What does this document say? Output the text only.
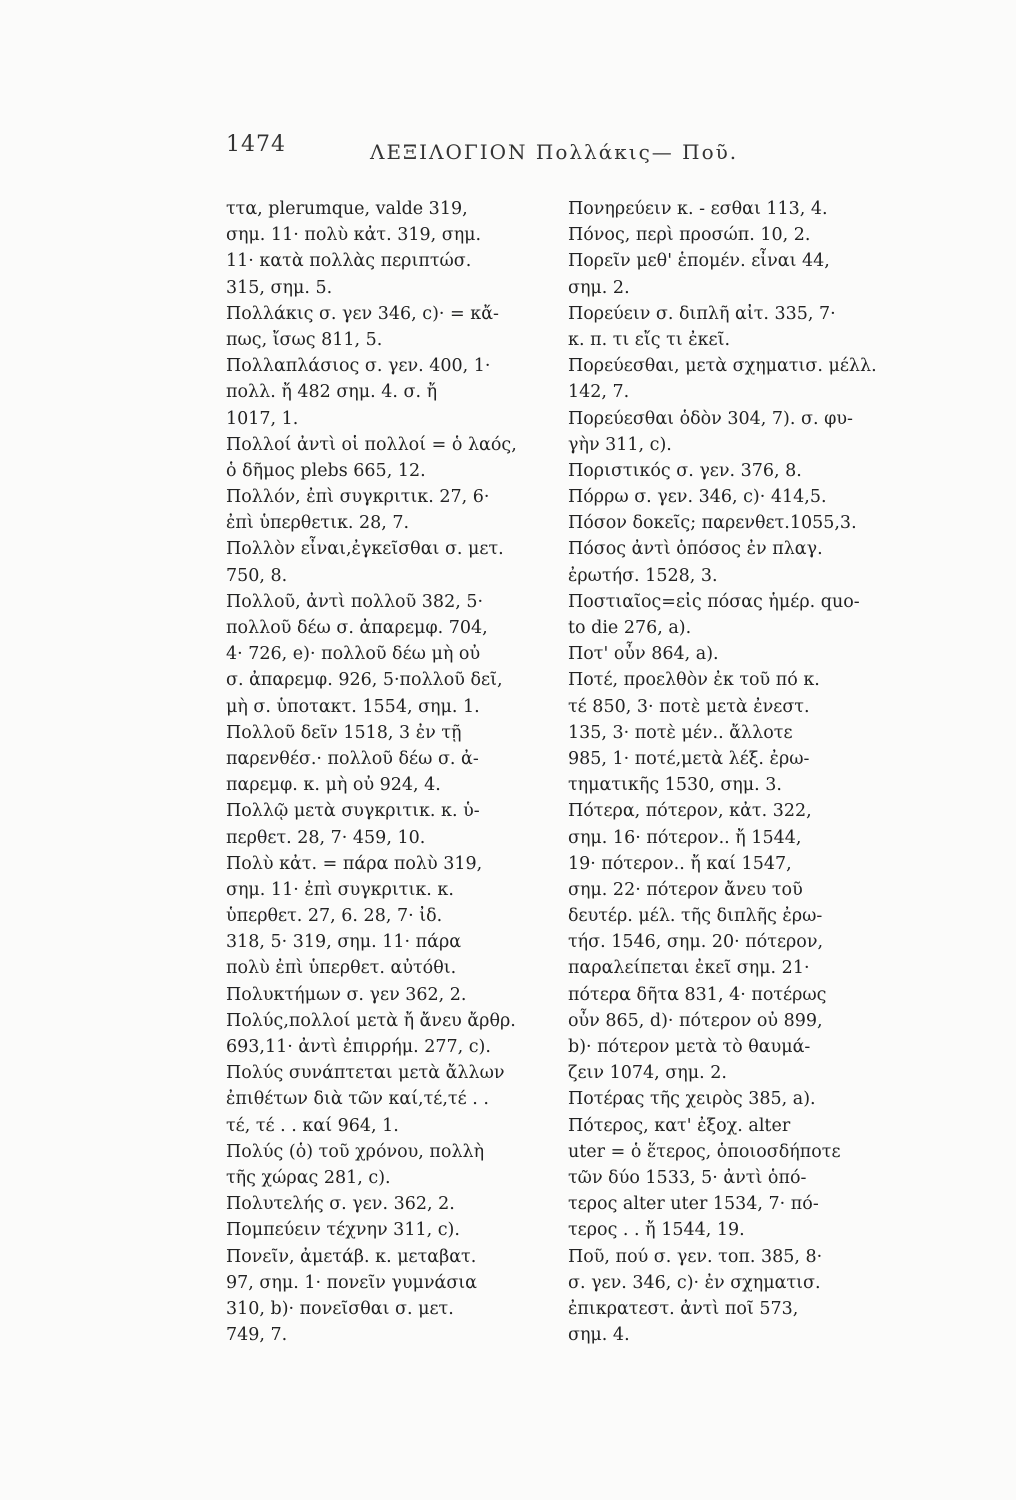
1474	ΛΕΞΙΛΟΓΙΟΝ Πολλάκις— Ποῦ.
ττα, plerumque, valde 319,
σημ. 11· πολὺ κἀτ. 319, σημ.
11· κατὰ πολλὰς περιπτώσ.
315, σημ. 5.
Πολλάκις σ. γεν 346, c)· = κἄ-
πως, ἴσως 811, 5.
Πολλαπλάσιος σ. γεν. 400, 1·
πολλ. ἤ 482 σημ. 4. σ. ἤ
1017, 1.
Πολλοί ἀντὶ οἱ πολλοί = ὁ λαός,
ὁ δῆμος plebs 665, 12.
Πολλόν, ἐπὶ συγκριτικ. 27, 6·
ἐπὶ ὑπερθετικ. 28, 7.
Πολλὸν εἶναι,ἐγκεῖσθαι σ. μετ.
750, 8.
Πολλοῦ, ἀντὶ πολλοῦ 382, 5·
πολλοῦ δέω σ. ἀπαρεμφ. 704,
4· 726, e)· πολλοῦ δέω μὴ οὐ
σ. ἀπαρεμφ. 926, 5·πολλοῦ δεῖ,
μὴ σ. ὑποτακτ. 1554, σημ. 1.
Πολλοῦ δεῖν 1518, 3 ἐν τῇ
παρενθέσ.· πολλοῦ δέω σ. ἀ-
παρεμφ. κ. μὴ οὐ 924, 4.
Πολλῷ μετὰ συγκριτικ. κ. ὑ-
περθετ. 28, 7· 459, 10.
Πολὺ κἀτ. = πάρα πολὺ 319,
σημ. 11· ἐπὶ συγκριτικ. κ.
ὑπερθετ. 27, 6. 28, 7· ἰδ.
318, 5· 319, σημ. 11· πάρα
πολὺ ἐπὶ ὑπερθετ. αὐτόθι.
Πολυκτήμων σ. γεν 362, 2.
Πολύς,πολλοί μετὰ ἤ ἄνευ ἄρθρ.
693,11· ἀντὶ ἐπιρρήμ. 277, c).
Πολύς συνάπτεται μετὰ ἄλλων
ἐπιθέτων διὰ τῶν καί,τέ,τέ . .
τέ, τέ . . καί 964, 1.
Πολύς (ὁ) τοῦ χρόνου, πολλὴ
τῆς χώρας 281, c).
Πολυτελής σ. γεν. 362, 2.
Πομπεύειν τέχνην 311, c).
Πονεῖν, ἀμετάβ. κ. μεταβατ.
97, σημ. 1· πονεῖν γυμνάσια
310, b)· πονεῖσθαι σ. μετ.
749, 7.
Πονηρεύειν κ. - εσθαι 113, 4.
Πόνος, περὶ προσώπ. 10, 2.
Πορεῖν μεθ' ἑπομέν. εἶναι 44,
σημ. 2.
Πορεύειν σ. διπλῆ αἰτ. 335, 7·
κ. π. τι εἴς τι ἐκεῖ.
Πορεύεσθαι, μετὰ σχηματισ. μέλλ.
142, 7.
Πορεύεσθαι ὁδὸν 304, 7). σ. φυ-
γὴν 311, c).
Ποριστικός σ. γεν. 376, 8.
Πόρρω σ. γεν. 346, c)· 414,5.
Πόσον δοκεῖς; παρενθετ.1055,3.
Πόσος ἀντὶ ὁπόσος ἐν πλαγ.
ἐρωτήσ. 1528, 3.
Ποστιαῖος=εἰς πόσας ἡμέρ. quo-
to die 276, a).
Ποτ' οὖν 864, a).
Ποτέ, προελθὸν ἐκ τοῦ πό κ.
τέ 850, 3· ποτὲ μετὰ ἐνεστ.
135, 3· ποτὲ μέν.. ἄλλοτε
985, 1· ποτέ,μετὰ λέξ. ἐρω-
τηματικῆς 1530, σημ. 3.
Πότερα, πότερον, κἀτ. 322,
σημ. 16· πότερον.. ἤ 1544,
19· πότερον.. ἤ καί 1547,
σημ. 22· πότερον ἄνευ τοῦ
δευτέρ. μέλ. τῆς διπλῆς ἐρω-
τήσ. 1546, σημ. 20· πότερον,
παραλείπεται ἐκεῖ σημ. 21·
πότερα δῆτα 831, 4· ποτέρως
οὖν 865, d)· πότερον οὐ 899,
b)· πότερον μετὰ τὸ θαυμά-
ζειν 1074, σημ. 2.
Ποτέρας τῆς χειρὸς 385, a).
Πότερος, κατ' ἐξοχ. alter
uter = ὁ ἕτερος, ὁποιοσδήποτε
τῶν δύο 1533, 5· ἀντὶ ὁπό-
τερος alter uter 1534, 7· πό-
τερος . . ἤ 1544, 19.
Ποῦ, πού σ. γεν. τοπ. 385, 8·
σ. γεν. 346, c)· ἐν σχηματισ.
ἐπικρατεστ. ἀντὶ ποῖ 573,
σημ. 4.
